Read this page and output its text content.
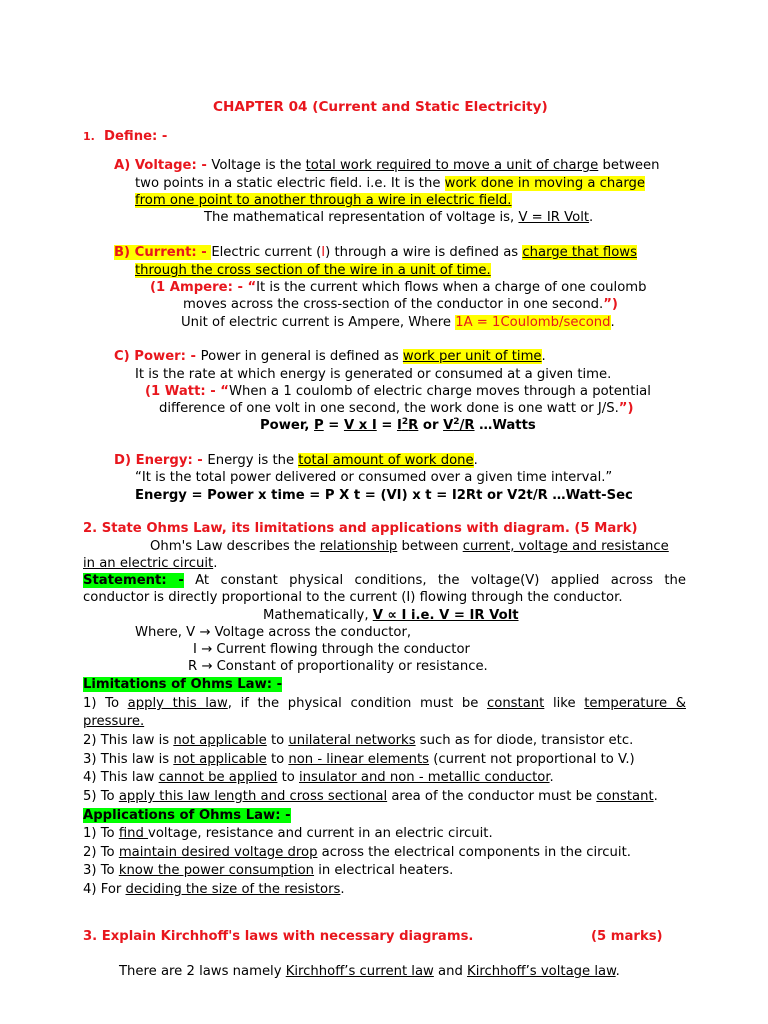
CHAPTER 04 (Current and Static Electricity)

1. Define: -

A) Voltage: - Voltage is the total work required to move a unit of charge between

two points in a static electric field. i.e. It is the work done in moving a charge

from one point to another through a wire in electric field.

The mathematical representation of voltage is, V = IR Volt.

B) Current: - Electric current (I) through a wire is defined as charge that flows

through the cross section of the wire in a unit of time.

(1 Ampere: - “It is the current which flows when a charge of one coulomb

moves across the cross-section of the conductor in one second.”)

Unit of electric current is Ampere, Where 1A = 1Coulomb/second.

C) Power: - Power in general is defined as work per unit of time.

It is the rate at which energy is generated or consumed at a given time.

(1 Watt: - “When a 1 coulomb of electric charge moves through a potential

difference of one volt in one second, the work done is one watt or J/S.”)

Power, P = V x $I = I^2R$ or $V^2/R$ …Watts

D) Energy: - Energy is the total amount of work done.

“It is the total power delivered or consumed over a given time interval.”

Energy = Power x time = P X t = (VI) x t = I2Rt or V2t/R …Watt-Sec

2. State Ohms Law, its limitations and applications with diagram. (5 Mark)

Ohm's Law describes the relationship between current, voltage and resistance

in an electric circuit.

Statement: - At constant physical conditions, the voltage(V) applied across the

conductor is directly proportional to the current (I) flowing through the conductor.

Mathematically, V ∝ I i.e. V = IR Volt

Where, V → Voltage across the conductor,

I → Current flowing through the conductor

R → Constant of proportionality or resistance.

Limitations of Ohms Law: -

1) To apply this law, if the physical condition must be constant like temperature &

pressure.

2) This law is not applicable to unilateral networks such as for diode, transistor etc.

3) This law is not applicable to non - linear elements (current not proportional to V.)

4) This law cannot be applied to insulator and non - metallic conductor.

5) To apply this law length and cross sectional area of the conductor must be constant.

Applications of Ohms Law: -

1) To find voltage, resistance and current in an electric circuit.

2) To maintain desired voltage drop across the electrical components in the circuit.

3) To know the power consumption in electrical heaters.

4) For deciding the size of the resistors.

3. Explain Kirchhoff's laws with necessary diagrams.	(5 marks)

There are 2 laws namely Kirchhoff’s current law and Kirchhoff’s voltage law.
